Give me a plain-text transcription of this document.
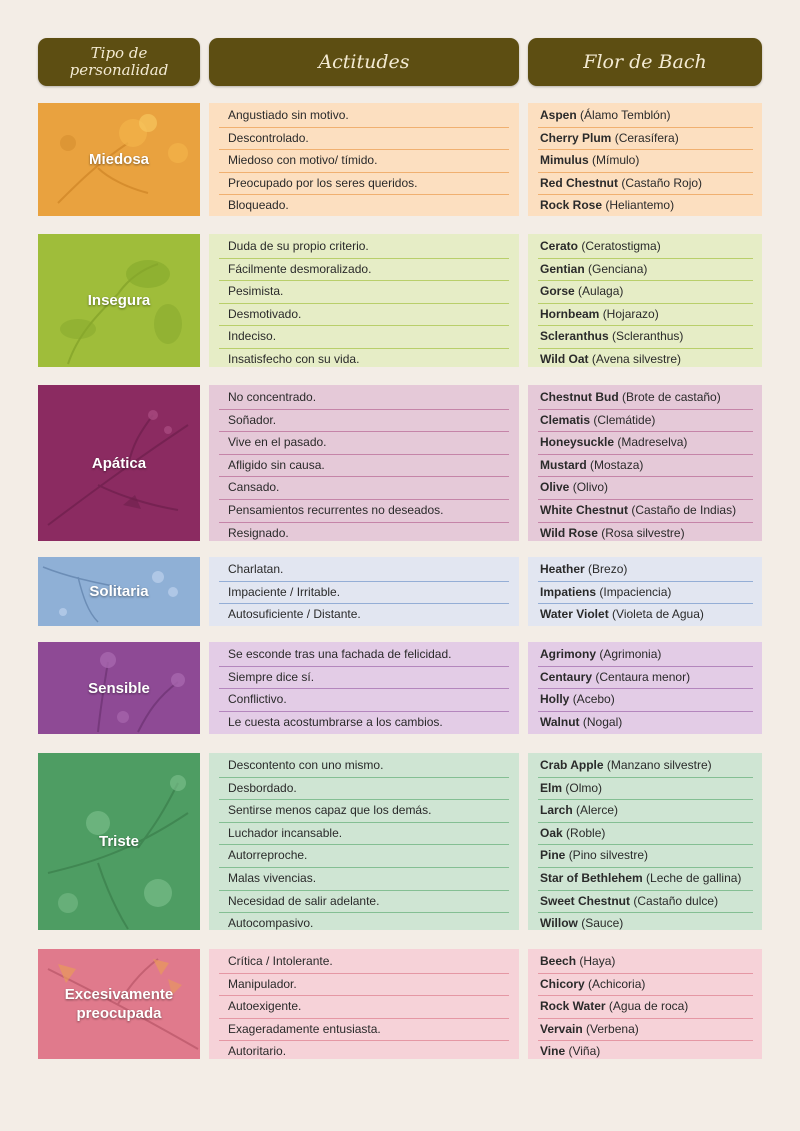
Tipo de
personalidad	Actitudes	Flor de Bach
Miedosa
Angustiado sin motivo.
Descontrolado.
Miedoso con motivo/ tímido.
Preocupado por los seres queridos.
Bloqueado.
Aspen (Álamo Temblón)
Cherry Plum (Cerasífera)
Mimulus (Mímulo)
Red Chestnut (Castaño Rojo)
Rock Rose (Heliantemo)
Insegura
Duda de su propio criterio.
Fácilmente desmoralizado.
Pesimista.
Desmotivado.
Indeciso.
Insatisfecho con su vida.
Cerato (Ceratostigma)
Gentian (Genciana)
Gorse (Aulaga)
Hornbeam (Hojarazo)
Scleranthus (Scleranthus)
Wild Oat (Avena silvestre)
Apática
No concentrado.
Soñador.
Vive en el pasado.
Afligido sin causa.
Cansado.
Pensamientos recurrentes no deseados.
Resignado.
Chestnut Bud (Brote de castaño)
Clematis (Clemátide)
Honeysuckle (Madreselva)
Mustard (Mostaza)
Olive (Olivo)
White Chestnut (Castaño de Indias)
Wild Rose (Rosa silvestre)
Solitaria
Charlatan.
Impaciente / Irritable.
Autosuficiente / Distante.
Heather (Brezo)
Impatiens (Impaciencia)
Water Violet (Violeta de Agua)
Sensible
Se esconde tras una fachada de felicidad.
Siempre dice sí.
Conflictivo.
Le cuesta acostumbrarse a los cambios.
Agrimony (Agrimonia)
Centaury (Centaura menor)
Holly (Acebo)
Walnut (Nogal)
Triste
Descontento con uno mismo.
Desbordado.
Sentirse menos capaz que los demás.
Luchador incansable.
Autorreproche.
Malas vivencias.
Necesidad de salir adelante.
Autocompasivo.
Crab Apple (Manzano silvestre)
Elm (Olmo)
Larch (Alerce)
Oak (Roble)
Pine (Pino silvestre)
Star of Bethlehem (Leche de gallina)
Sweet Chestnut (Castaño dulce)
Willow (Sauce)
Excesivamente
preocupada
Crítica / Intolerante.
Manipulador.
Autoexigente.
Exageradamente entusiasta.
Autoritario.
Beech (Haya)
Chicory (Achicoria)
Rock Water (Agua de roca)
Vervain (Verbena)
Vine (Viña)
